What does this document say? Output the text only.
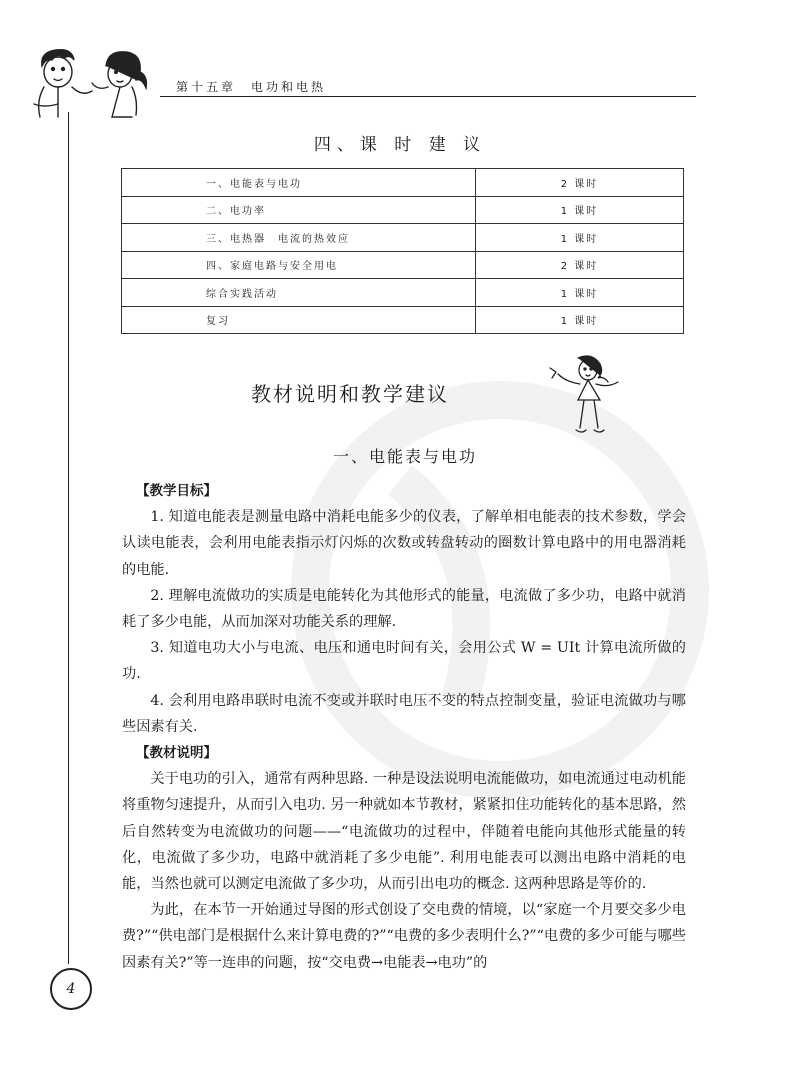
第十五章　电功和电热
四、课 时 建 议
一、电能表与电功	2 课时
二、电功率	1 课时
三、电热器　电流的热效应	1 课时
四、家庭电路与安全用电	2 课时
综合实践活动	1 课时
复习	1 课时
教材说明和教学建议
一、电能表与电功

【教学目标】

1. 知道电能表是测量电路中消耗电能多少的仪表，了解单相电能表的技术参数，学会认读电能表，会利用电能表指示灯闪烁的次数或转盘转动的圈数计算电路中的用电器消耗的电能.

2. 理解电流做功的实质是电能转化为其他形式的能量，电流做了多少功，电路中就消耗了多少电能，从而加深对功能关系的理解.

3. 知道电功大小与电流、电压和通电时间有关，会用公式 W = UIt 计算电流所做的功.

4. 会利用电路串联时电流不变或并联时电压不变的特点控制变量，验证电流做功与哪些因素有关.

【教材说明】

关于电功的引入，通常有两种思路. 一种是设法说明电流能做功，如电流通过电动机能将重物匀速提升，从而引入电功. 另一种就如本节教材，紧紧扣住功能转化的基本思路，然后自然转变为电流做功的问题——“电流做功的过程中，伴随着电能向其他形式能量的转化，电流做了多少功，电路中就消耗了多少电能”. 利用电能表可以测出电路中消耗的电能，当然也就可以测定电流做了多少功，从而引出电功的概念. 这两种思路是等价的.

为此，在本节一开始通过导图的形式创设了交电费的情境，以“家庭一个月要交多少电费?”“供电部门是根据什么来计算电费的?”“电费的多少表明什么?”“电费的多少可能与哪些因素有关?”等一连串的问题，按“交电费→电能表→电功”的

4
